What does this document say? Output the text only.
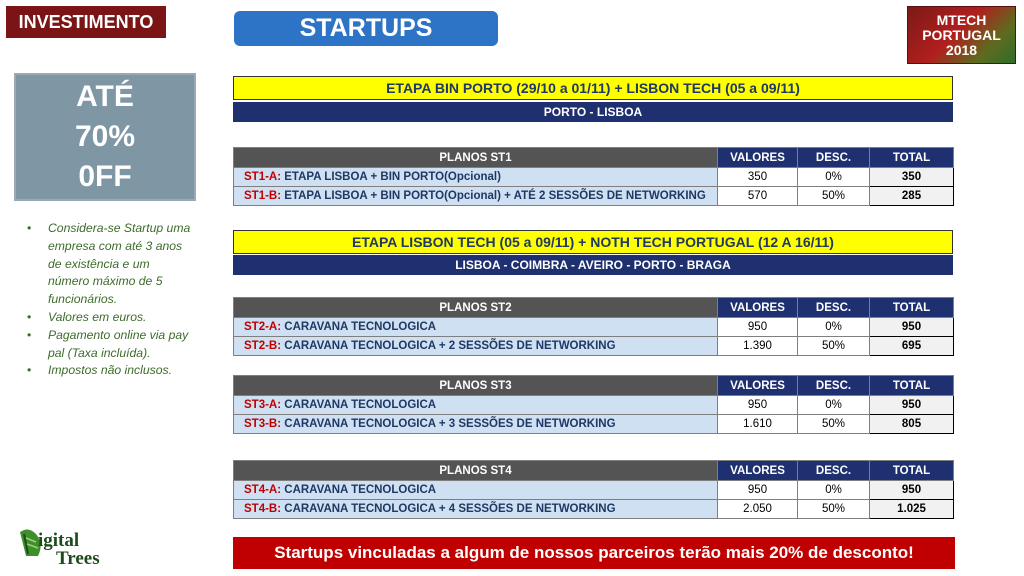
INVESTIMENTO	STARTUPS	MTECH
PORTUGAL
2018
ATÉ
70%
0FF
• Considera-se Startup uma empresa com até 3 anos de existência e um número máximo de 5 funcionários.
• Valores em euros.
• Pagamento online via pay pal (Taxa incluída).
• Impostos não inclusos.
igital
Trees
ETAPA BIN PORTO (29/10 a 01/11) + LISBON TECH (05 a 09/11)
PORTO - LISBOA
ETAPA LISBON TECH (05 a 09/11) + NOTH TECH PORTUGAL (12 A 16/11)
LISBOA - COIMBRA - AVEIRO - PORTO - BRAGA
PLANOS ST1	VALORES	DESC.	TOTAL
ST1-A: ETAPA LISBOA + BIN PORTO(Opcional)	350	0%	350
ST1-B: ETAPA LISBOA + BIN PORTO(Opcional) + ATÉ 2 SESSÕES DE NETWORKING	570	50%	285
PLANOS ST2	VALORES	DESC.	TOTAL
ST2-A: CARAVANA TECNOLOGICA	950	0%	950
ST2-B: CARAVANA TECNOLOGICA + 2 SESSÕES DE NETWORKING	1.390	50%	695
PLANOS ST3	VALORES	DESC.	TOTAL
ST3-A: CARAVANA TECNOLOGICA	950	0%	950
ST3-B: CARAVANA TECNOLOGICA + 3 SESSÕES DE NETWORKING	1.610	50%	805
PLANOS ST4	VALORES	DESC.	TOTAL
ST4-A: CARAVANA TECNOLOGICA	950	0%	950
ST4-B: CARAVANA TECNOLOGICA + 4 SESSÕES DE NETWORKING	2.050	50%	1.025
Startups vinculadas a algum de nossos parceiros terão mais 20% de desconto!
